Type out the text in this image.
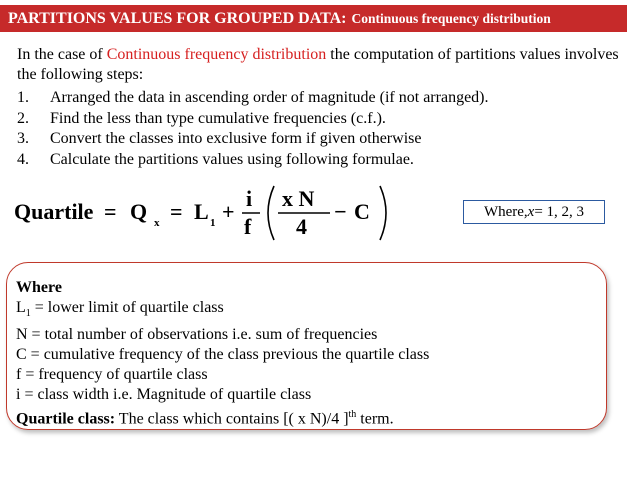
PARTITIONS VALUES FOR GROUPED DATA: Continuous frequency distribution
In the case of Continuous frequency distribution the computation of partitions values involves the following steps:
1.	Arranged the data in ascending order of magnitude (if not arranged).
2.	Find the less than type cumulative frequencies (c.f.).
3.	Convert the classes into exclusive form if given otherwise
4.	Calculate the partitions values using following formulae.
Quartile = Q x = L 1 +
i
f
x N
4
− C	Where, x = 1, 2, 3
Where
$L_1$ = lower limit of quartile class
N = total number of observations i.e. sum of frequencies
C = cumulative frequency of the class previous the quartile class
f = frequency of quartile class
i = class width i.e. Magnitude of quartile class
Quartile class: The class which contains [( x N)/4 ]$^{th}$ term.
